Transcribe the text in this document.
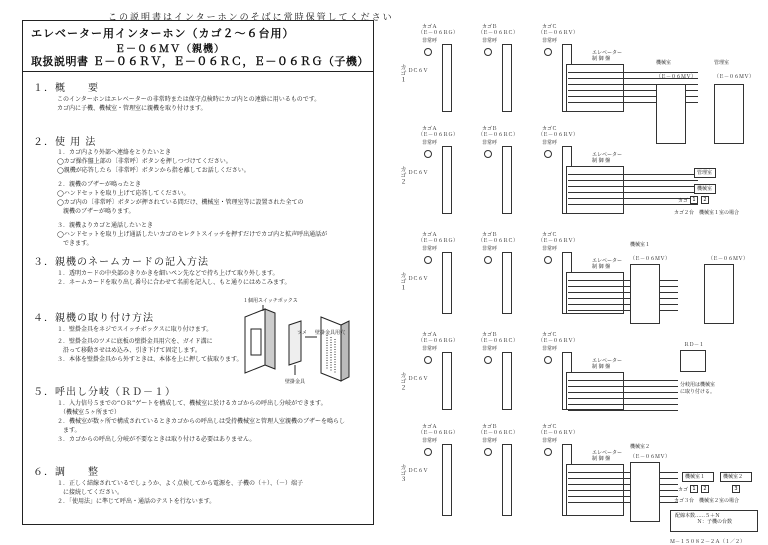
この説明書はインターホンのそばに常時保管してください
エレベーター用インターホン（カゴ２～６台用）
Ｅ－０６ＭＶ（親機）
取扱説明書 Ｅ－０６ＲＶ，Ｅ－０６ＲＣ，Ｅ－０６ＲＧ（子機）
１．概　　要
このインターホンはエレベーターの非常時または保守点検時にカゴ内との連絡に用いるものです。
カゴ内に子機、機械室・管理室に親機を取り付けます。
２．使 用 法
１．カゴ内より外部へ連絡をとりたいとき
◯カゴ操作盤上部の〔非常呼〕ボタンを押しつづけてください。
◯親機が応答したら〔非常呼〕ボタンから指を離してお話しください。
２．親機のブザーが鳴ったとき
◯ハンドセットを取り上げて応答してください。
◯カゴ内の〔非常呼〕ボタンが押されている間だけ、機械室・管理室等に設置された全ての
　親機のブザーが鳴ります。
３．親機よりカゴと通話したいとき
◯ハンドセットを取り上げ通話したいカゴのセレクトスイッチを押すだけでカゴ内と拡声呼出通話が
　できます。
３．親機のネームカードの記入方法
１．透明カードの中央部のきりかきを細いペン先などで持ち上げて取り外します。
２．ネームカードを取り出し番号に合わせて名前を記入し、もと通りにはめこみます。
４．親機の取り付け方法
１．壁掛金具をネジでスイッチボックスに取り付けます。
２．壁掛金具のツメに底板の壁掛金具用穴を、ガイド溝に
　沿って移動させはめ込み、引き下げて固定します。
３．本体を壁掛金具から外すときは、本体を上に押して抜取ります。
１個用スイッチボックス
ツメ 壁掛金具用穴
壁掛金具
５．呼出し分岐（ＲＤ－１）
１．入力信号５までの“ＯＲ”ゲートを構成して、機械室に於けるカゴからの呼出し分岐ができます。
　（機械室５ヶ所まで）
２．機械室が数ヶ所で構成されているときカゴからの呼出しは受持機械室と管理人室親機のブザーを鳴らし
　ます。
３．カゴからの呼出し分岐が不要なときは取り付ける必要はありません。
６．調　　整
１．正しく結線されているでしょうか、よく点検してから電源を、子機の（＋）、（－）端子
　に接続してください。
２．「使用法」に準じて呼出・通話のテストを行ないます。
カゴ１ ＤＣ６Ｖ
カゴＡ
（Ｅ－０６ＲＧ）
非常呼
カゴＢ
（Ｅ－０６ＲＣ）
非常呼
カゴＣ
（Ｅ－０６ＲＶ）
非常呼
エレベーター
制 御 盤
カゴ２ ＤＣ６Ｖ
カゴＡ
（Ｅ－０６ＲＧ）
非常呼
カゴＢ
（Ｅ－０６ＲＣ）
非常呼
カゴＣ
（Ｅ－０６ＲＶ）
非常呼
エレベーター
制 御 盤
カゴ１ ＤＣ６Ｖ
カゴＡ
（Ｅ－０６ＲＧ）
非常呼
カゴＢ
（Ｅ－０６ＲＣ）
非常呼
カゴＣ
（Ｅ－０６ＲＶ）
非常呼
エレベーター
制 御 盤
カゴ２ ＤＣ６Ｖ
カゴＡ
（Ｅ－０６ＲＧ）
非常呼
カゴＢ
（Ｅ－０６ＲＣ）
非常呼
カゴＣ
（Ｅ－０６ＲＶ）
非常呼
エレベーター
制 御 盤
カゴ３ ＤＣ６Ｖ
カゴＡ
（Ｅ－０６ＲＧ）
非常呼
カゴＢ
（Ｅ－０６ＲＣ）
非常呼
カゴＣ
（Ｅ－０６ＲＶ）
非常呼
エレベーター
制 御 盤
機械室	管理室
（Ｅ－０６ＭＶ）	（Ｅ－０６ＭＶ）
管理室
機械室
カゴ 1	2
カゴ２台　機械室１室の場合
機械室１
（Ｅ－０６ＭＶ）	（Ｅ－０６ＭＶ）
機械室２
（Ｅ－０６ＭＶ）
ＲＤ－１
分岐用は機械室
に取り付ける。
機械室１	機械室２
カゴ 1	2	3
カゴ３台　機械室２室の場合
配線本数……５＋Ｎ
Ｎ：子機の台数
Ｍ－１５０８２－２Ａ（１／２）
